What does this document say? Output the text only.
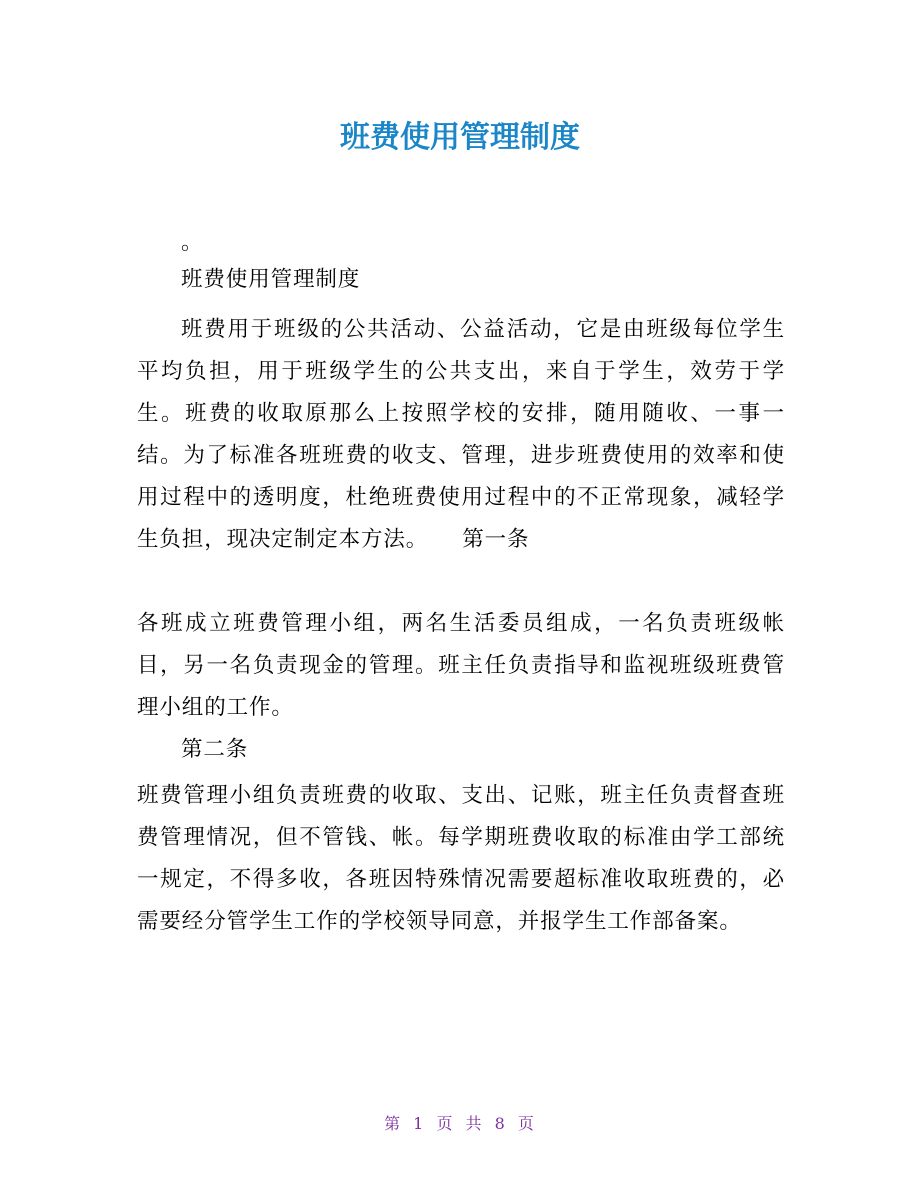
班费使用管理制度

。

班费使用管理制度

班费用于班级的公共活动、公益活动，它是由班级每位学生平均负担，用于班级学生的公共支出，来自于学生，效劳于学生。班费的收取原那么上按照学校的安排，随用随收、一事一结。为了标准各班班费的收支、管理，进步班费使用的效率和使用过程中的透明度，杜绝班费使用过程中的不正常现象，减轻学生负担，现决定制定本方法。 第一条

各班成立班费管理小组，两名生活委员组成，一名负责班级帐目，另一名负责现金的管理。班主任负责指导和监视班级班费管理小组的工作。

第二条

班费管理小组负责班费的收取、支出、记账，班主任负责督查班费管理情况，但不管钱、帐。每学期班费收取的标准由学工部统一规定，不得多收，各班因特殊情况需要超标准收取班费的，必需要经分管学生工作的学校领导同意，并报学生工作部备案。

第 1 页 共 8 页
